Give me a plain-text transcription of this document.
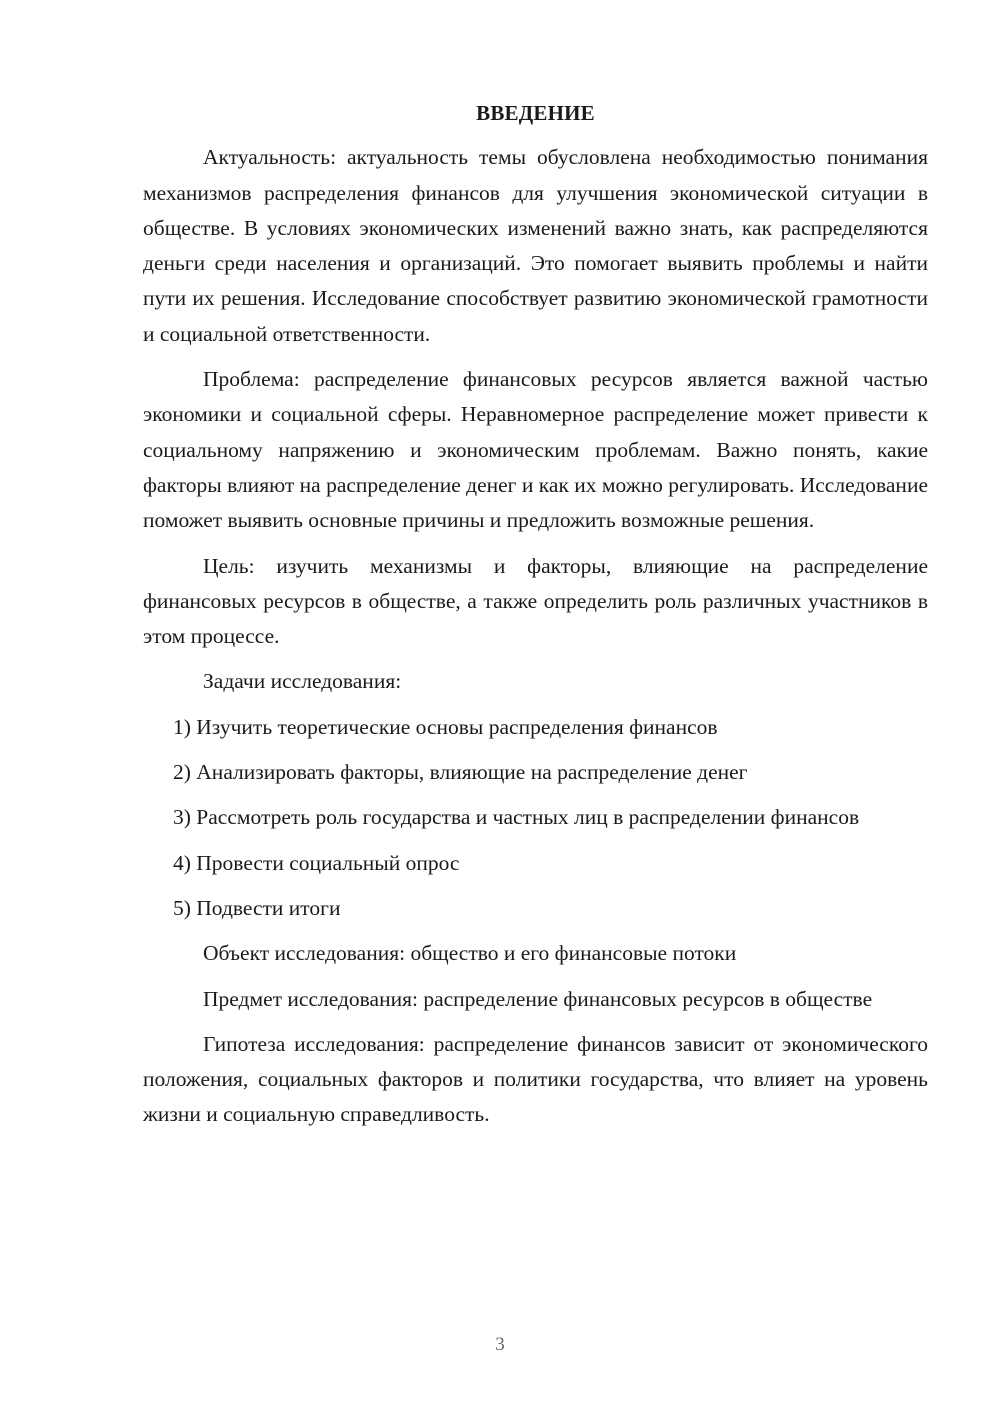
ВВЕДЕНИЕ

Актуальность: актуальность темы обусловлена необходимостью понимания механизмов распределения финансов для улучшения экономической ситуации в обществе. В условиях экономических изменений важно знать, как распределяются деньги среди населения и организаций. Это помогает выявить проблемы и найти пути их решения. Исследование способствует развитию экономической грамотности и социальной ответственности.

Проблема: распределение финансовых ресурсов является важной частью экономики и социальной сферы. Неравномерное распределение может привести к социальному напряжению и экономическим проблемам. Важно понять, какие факторы влияют на распределение денег и как их можно регулировать. Исследование поможет выявить основные причины и предложить возможные решения.

Цель: изучить механизмы и факторы, влияющие на распределение финансовых ресурсов в обществе, а также определить роль различных участников в этом процессе.

Задачи исследования:

1) Изучить теоретические основы распределения финансов

2) Анализировать факторы, влияющие на распределение денег

3) Рассмотреть роль государства и частных лиц в распределении финансов

4) Провести социальный опрос

5) Подвести итоги

Объект исследования: общество и его финансовые потоки

Предмет исследования: распределение финансовых ресурсов в обществе

Гипотеза исследования: распределение финансов зависит от экономического положения, социальных факторов и политики государства, что влияет на уровень жизни и социальную справедливость.

3
